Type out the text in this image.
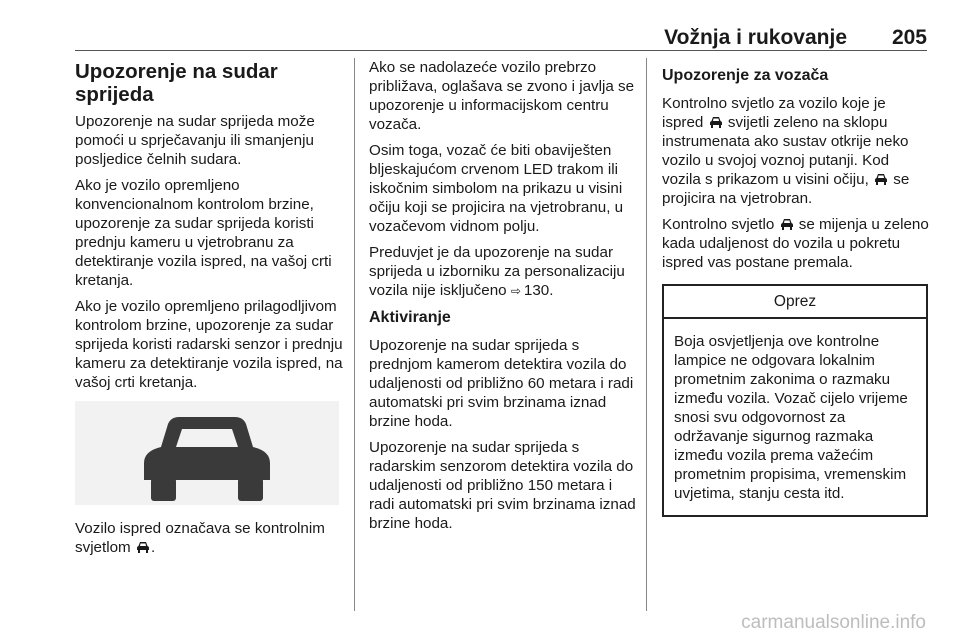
Vožnja i rukovanje 205
Upozorenje na sudar sprijeda

Upozorenje na sudar sprijeda može pomoći u sprječavanju ili smanjenju posljedice čelnih sudara.

Ako je vozilo opremljeno konvencionalnom kontrolom brzine, upozorenje za sudar sprijeda koristi prednju kameru u vjetrobranu za detektiranje vozila ispred, na vašoj crti kretanja.

Ako je vozilo opremljeno prilagodljivom kontrolom brzine, upozorenje za sudar sprijeda koristi radarski senzor i prednju kameru za detektiranje vozila ispred, na vašoj crti kretanja.

Vozilo ispred označava se kontrolnim svjetlom .

Ako se nadolazeće vozilo prebrzo približava, oglašava se zvono i javlja se upozorenje u informacijskom centru vozača.

Osim toga, vozač će biti obaviješten bljeskajućom crvenom LED trakom ili iskočnim simbolom na prikazu u visini očiju koji se projicira na vjetrobranu, u vozačevom vidnom polju.

Preduvjet je da upozorenje na sudar sprijeda u izborniku za personalizaciju vozila nije isključeno ⇨ 130.

Aktiviranje

Upozorenje na sudar sprijeda s prednjom kamerom detektira vozila do udaljenosti od približno 60 metara i radi automatski pri svim brzinama iznad brzine hoda.

Upozorenje na sudar sprijeda s radarskim senzorom detektira vozila do udaljenosti od približno 150 metara i radi automatski pri svim brzinama iznad brzine hoda.

Upozorenje za vozača

Kontrolno svjetlo za vozilo koje je ispred svijetli zeleno na sklopu instrumenata ako sustav otkrije neko vozilo u svojoj voznoj putanji. Kod vozila s prikazom u visini očiju, se projicira na vjetrobran.

Kontrolno svjetlo se mijenja u zeleno kada udaljenost do vozila u pokretu ispred vas postane premala.

Oprez
Boja osvjetljenja ove kontrolne lampice ne odgovara lokalnim prometnim zakonima o razmaku između vozila. Vozač cijelo vrijeme snosi svu odgovornost za održavanje sigurnog razmaka između vozila prema važećim prometnim propisima, vremenskim uvjetima, stanju cesta itd.
carmanualsonline.info
